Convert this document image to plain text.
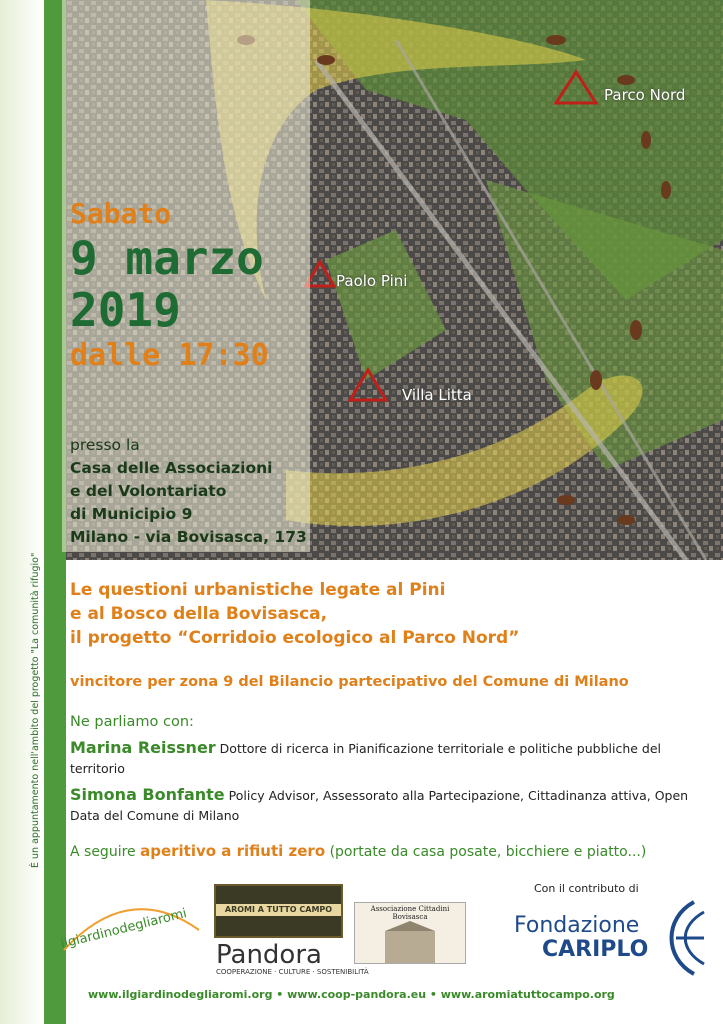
È un appuntamento nell'ambito del progetto "La comunità rifugio"
Parco Nord
Paolo Pini
Villa Litta
Sabato
9 marzo
2019
dalle 17:30
presso la
Casa delle Associazioni
e del Volontariato
di Municipio 9
Milano - via Bovisasca, 173
Le questioni urbanistiche legate al Pini
e al Bosco della Bovisasca,
il progetto “Corridoio ecologico al Parco Nord”
vincitore per zona 9 del Bilancio partecipativo del Comune di Milano
Ne parliamo con:
Marina Reissner Dottore di ricerca in Pianificazione territoriale e politiche pubbliche del territorio
Simona Bonfante Policy Advisor, Assessorato alla Partecipazione, Cittadinanza attiva, Open Data del Comune di Milano
A seguire aperitivo a rifiuti zero (portate da casa posate, bicchiere e piatto...)
ilgiardinodegliaromi	AROMI A TUTTO CAMPO
Pandora
COOPERAZIONE · CULTURE · SOSTENIBILITÀ
Associazione Cittadini Bovisasca
Con il contributo di
Fondazione
CARIPLO
www.ilgiardinodegliaromi.org • www.coop-pandora.eu • www.aromiatuttocampo.org
